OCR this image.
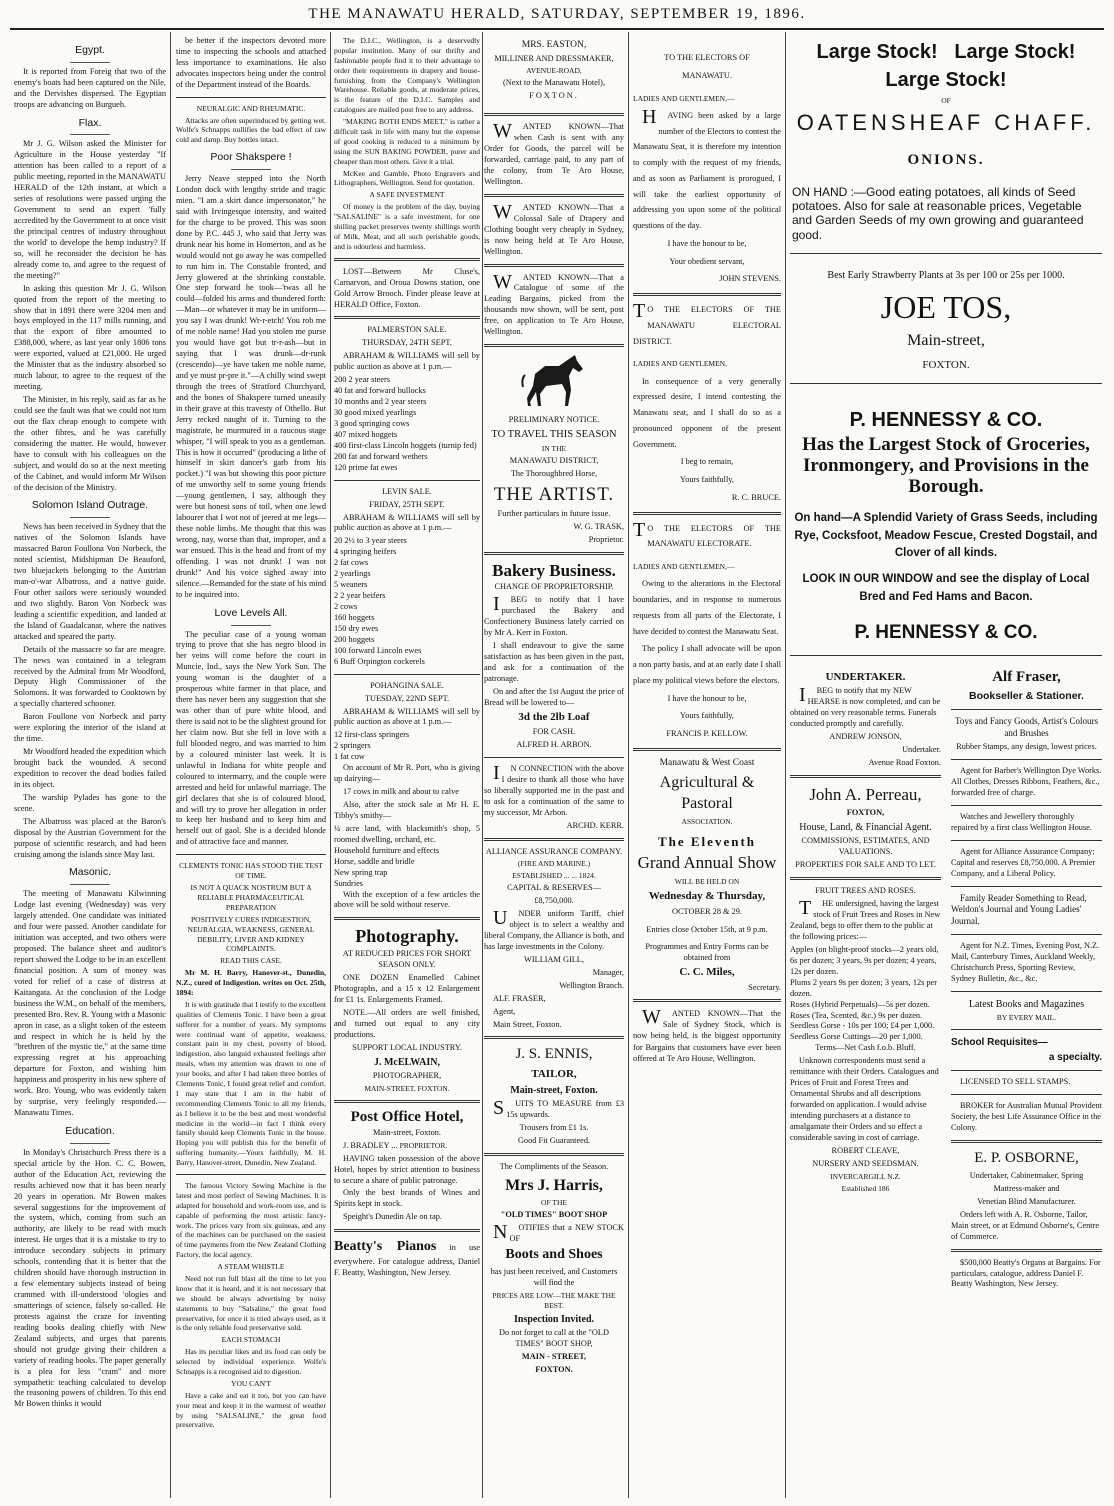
THE MANAWATU HERALD, SATURDAY, SEPTEMBER 19, 1896.
Egypt.

It is reported from Foreig that two of the enemy's boats had been captured on the Nile, and the Dervishes dispersed. The Egyptian troops are advancing on Burgueh.

Flax.

Mr J. G. Wilson asked the Minister for Agriculture in the House yesterday "If attention has been called to a report of a public meeting, reported in the MANAWATU HERALD of the 12th instant, at which a series of resolutions were passed urging the Government to send an expert 'fully accredited by the Government to at once visit the principal centres of industry throughout the world' to develope the hemp industry? If so, will he reconsider the decision he has already come to, and agree to the request of the meeting?"

In asking this question Mr J. G. Wilson quoted from the report of the meeting to show that in 1891 there were 3204 men and boys employed in the 117 mills running, and that the export of fibre amounted to £388,000, where, as last year only 1806 tons were exported, valued at £21,000. He urged the Minister that as the industry absorbed so much labour, to agree to the request of the meeting.

The Minister, in his reply, said as far as he could see the fault was that we could not turn out the flax cheap enough to compete with the other fibres, and he was carefully considering the matter. He would, however have to consult with his colleagues on the subject, and would do so at the next meeting of the Cabinet, and would inform Mr Wilson of the decision of the Ministry.

Solomon Island Outrage.

News has been received in Sydney that the natives of the Solomon Islands have massacred Baron Foullona Von Norbeck, the noted scientist, Midshipman De Beauford, two bluejackets belonging to the Austrian man-o'-war Albatross, and a native guide. Four other sailors were seriously wounded and two slightly. Baron Von Norbeck was leading a scientific expedition, and landed at the Island of Guadalcanar, where the natives attacked and speared the party.

Details of the massacre so far are meagre. The news was contained in a telegram received by the Admiral from Mr Woodford, Deputy High Commissioner of the Solomons. It was forwarded to Cooktown by a specially chartered schooner.

Baron Foullone von Norbeck and party were exploring the interior of the island at the time.

Mr Woodford headed the expedition which brought back the wounded. A second expedition to recover the dead bodies failed in its object.

The warship Pylades has gone to the scene.

The Albatross was placed at the Baron's disposal by the Austrian Government for the purpose of scientific research, and had been cruising among the islands since May last.

Masonic.

The meeting of Manawatu Kilwinning Lodge last evening (Wednesday) was very largely attended. One candidate was initiated and four were passed. Another candidate for initiation was accepted, and two others were proposed. The balance sheet and auditor's report showed the Lodge to be in an excellent financial position. A sum of money was voted for relief of a case of distress at Kaitangata. At the conclusion of the Lodge business the W.M., on behalf of the members, presented Bro. Rev. R. Young with a Masonic apron in case, as a slight token of the esteem and respect in which he is held by the "brethren of the mystic tie," at the same time expressing regret at his approaching departure for Foxton, and wishing him happiness and prosperity in his new sphere of work. Bro. Young, who was evidently taken by surprise, very feelingly responded.—Manawatu Times.

Education.

In Monday's Christchurch Press there is a special article by the Hon. C. C. Bowen, author of the Education Act, reviewing the results achieved now that it has been nearly 20 years in operation. Mr Bowen makes several suggestions for the improvement of the system, which, coming from such an authority, are likely to be read with much interest. He urges that it is a mistake to try to introduce secondary subjects in primary schools, contending that it is better that the children should have thorough instruction in a few elementary subjects instead of being crammed with ill-understood 'ologies and smatterings of science, falsely so-called. He protests against the craze for inventing reading books dealing chiefly with New Zealand subjects, and urges that parents should not grudge giving their children a variety of reading books. The paper generally is a plea for less "cram" and more sympathetic teaching calculated to develop the reasoning powers of children. To this end Mr Bowen thinks it would

be better if the inspectors devoted more time to inspecting the schools and attached less importance to examinations. He also advocates inspectors being under the control of the Department instead of the Boards.

NEURALGIC AND RHEUMATIC.

Attacks are often superinduced by getting wet. Wolfe's Schnapps nullifies the bad effect of raw cold and damp. Buy bottles intact.

Poor Shakspere !

Jerry Neave stepped into the North London dock with lengthy stride and tragic mien. "I am a skirt dance impersonator," he said with Irvingesque intensity, and waited for the charge to be proved. This was soon done by P.C. 445 J, who said that Jerry was drunk near his home in Homerton, and as he would would not go away he was compelled to run him in. The Constable fronted, and Jerry glowered at the shrinking constable. One step forward he took—'twas all he could—folded his arms and thundered forth:—Man—or whatever it may be in uniform—you say I was drunk! Wr-r-etch! You rob me of me noble name! Had you stolen me purse you would have got but tr-r-ash—but in saying that I was drunk—dr-runk (crescendo)—ye have taken me noble name, and ye must pr-pre it."—A chilly wind swept through the trees of Stratford Churchyard, and the bones of Shakspere turned uneasily in their grave at this travesty of Othello. But Jerry recked naught of it. Turning to the magistrate, he murmured in a raucous stage whisper, "I will speak to you as a gentleman. This is how it occurred" (producing a lithe of himself in skirt dancer's garb from his pocket.) "I was but showing this poor picture of me unworthy self to some young friends—young gentlemen, I say, although they were but honest sons of toil, when one lewd labourer that I wot not of jeered at me legs—these noble limbs. Me thought that this was wrong, nay, worse than that, improper, and a war ensued. This is the head and front of my offending. I was not drunk! I was not drunk!" And his voice sighed away into silence.—Remanded for the state of his mind to be inquired into.

Love Levels All.

The peculiar case of a young woman trying to prove that she has negro blood in her veins will come before the court in Muncie, Ind., says the New York Sun. The young woman is the daughter of a prosperous white farmer in that place, and there has never been any suggestion that she was other than of pure white blood, and there is said not to be the slightest ground for her claim now. But she fell in love with a full blooded negro, and was married to him by a coloured minister last week. It is unlawful in Indiana for white people and coloured to intermarry, and the couple were arrested and held for unlawful marriage. The girl declares that she is of coloured blood, and will try to prove her allegation in order to keep her husband and to keep him and herself out of gaol. She is a decided blonde and of attractive face and manner.

CLEMENTS TONIC HAS STOOD THE TEST OF TIME.

IS NOT A QUACK NOSTRUM BUT A RELIABLE PHARMACEUTICAL PREPARATION

POSITIVELY CURES INDIGESTION, NEURALGIA, WEAKNESS, GENERAL DEBILITY, LIVER AND KIDNEY COMPLAINTS.

READ THIS CASE.

Mr M. H. Barry, Hanover-st., Dunedin, N.Z., cured of Indigestion. writes on Oct. 25th, 1894:

It is with gratitude that I testify to the excellent qualities of Clements Tonic. I have been a great sufferer for a number of years. My symptoms were continual want of appetite, weakness, constant pain in my chest, poverty of blood, indigestion, also languid exhausted feelings after meals, when my attention was drawn to one of your books, and after I had taken three bottles of Clements Tonic, I found great relief and comfort. I may state that I am in the habit of recommending Clements Tonic to all my friends, as I believe it to be the best and most wonderful medicine in the world—in fact I think every family should keep Clements Tonic in the house. Hoping you will publish this for the benefit of suffering humanity.—Yours faithfully, M. H. Barry, Hanover-street, Dunedin, New Zealand.

The famous Victory Sewing Machine is the latest and most perfect of Sewing Machines. It is adapted for household and work-room use, and is capable of performing the most artistic fancy-work. The prices vary from six guineas, and any of the machines can be purchased on the easiest of time payments from the New Zealand Clothing Factory, the local agency.

A STEAM WHISTLE

Need not run full blast all the time to let you know that it is heard, and it is not necessary that we should be always advertising by noisy statements to buy "Salsaline," the great food preservative, for once it is tried always used, as it is the only reliable food preservative sold.

EACH STOMACH

Has its peculiar likes and its food can only be selected by individual experience. Wolfe's Schnapps is a recognised aid to digestion.

YOU CAN'T

Have a cake and eat it too, but you can have your meat and keep it in the warmest of weather by using "SALSALINE," the great food preservative.

The D.I.C., Wellington, is a deservedly popular institution. Many of our thrifty and fashionable people find it to their advantage to order their requirements in drapery and house-furnishing from the Company's Wellington Warehouse. Reliable goods, at moderate prices, is the feature of the D.I.C. Samples and catalogues are mailed post free to any address.

"MAKING BOTH ENDS MEET," is rather a difficult task in life with many but the expense of good cooking is reduced to a minimum by using the SUN BAKING POWDER, purer and cheaper than most others. Give it a trial.

McKee and Gamble, Photo Engravers and Lithographers, Wellington. Send for quotation.

A SAFE INVESTMENT

Of money is the problem of the day, buying "SALSALINE" is a safe investment, for one shilling packet preserves twenty shillings worth of Milk, Meat, and all such perishable goods, and is odourless and harmless.

LOST—Between Mr Cluse's, Carnarvon, and Oroua Downs station, one Gold Arrow Brooch. Finder please leave at HERALD Office, Foxton.

PALMERSTON SALE.

THURSDAY, 24TH SEPT.

ABRAHAM & WILLIAMS will sell by public auction as above at 1 p.m.—

200 2 year steers
40 fat and forward bullocks
10 months and 2 year steers
30 good mixed yearlings
3 good springing cows
407 mixed hoggets
400 first-class Lincoln hoggets (turnip fed)
200 fat and forward wethers
120 prime fat ewes

LEVIN SALE.

FRIDAY, 25TH SEPT.

ABRAHAM & WILLIAMS will sell by public auction as above at 1 p.m.—

20 2½ to 3 year steers
4 springing heifers
2 fat cows
2 yearlings
5 weaners
2 2 year heifers
2 cows
160 hoggets
150 dry ewes
200 hoggets
100 forward Lincoln ewes
6 Buff Orpington cockerels

POHANGINA SALE.

TUESDAY, 22ND SEPT.

ABRAHAM & WILLIAMS will sell by public auction as above at 1 p.m.—

12 first-class springers
2 springers
1 fat cow

On account of Mr R. Port, who is giving up dairying—

17 cows in milk and about to calve

Also, after the stock sale at Mr H. E. Tibby's smithy—

¼ acre land, with blacksmith's shop, 5 roomed dwelling, orchard, etc.
Household furniture and effects
Horse, saddle and bridle
New spring trap
Sundries

With the exception of a few articles the above will be sold without reserve.

Photography.

AT REDUCED PRICES FOR SHORT SEASON ONLY.

ONE DOZEN Enamelled Cabinet Photographs, and a 15 x 12 Enlargement for £1 1s. Enlargements Framed.

NOTE.—All orders are well finished, and turned out equal to any city productions.

SUPPORT LOCAL INDUSTRY.

J. McELWAIN,

PHOTOGRAPHER,

MAIN-STREET, FOXTON.

Post Office Hotel,

Main-street, Foxton.

J. BRADLEY ... PROPRIETOR.

HAVING taken possession of the above Hotel, hopes by strict attention to business to secure a share of public patronage.

Only the best brands of Wines and Spirits kept in stock.

Speight's Dunedin Ale on tap.

Beatty's Pianos in use everywhere. For catalogue address, Daniel F. Beatty, Washington, New Jersey.

MRS. EASTON,

MILLINER AND DRESSMAKER,

AVENUE-ROAD,

(Next to the Manawatu Hotel),

FOXTON.

WANTED KNOWN—That when Cash is sent with any Order for Goods, the parcel will be forwarded, carriage paid, to any part of the colony, from Te Aro House, Wellington.

WANTED KNOWN—That a Colossal Sale of Drapery and Clothing bought very cheaply in Sydney, is now being held at Te Aro House, Wellington.

WANTED KNOWN—That a Catalogue of some of the Leading Bargains, picked from the thousands now shown, will be sent, post free, on application to Te Aro House, Wellington.

PRELIMINARY NOTICE.

TO TRAVEL THIS SEASON

IN THE

MANAWATU DISTRICT,

The Thoroughbred Horse,

THE ARTIST.

Further particulars in future issue.

W. G. TRASK,

Proprietor.

Bakery Business.

CHANGE OF PROPRIETORSHIP.

IBEG to notify that I have purchased the Bakery and Confectionery Business lately carried on by Mr A. Kerr in Foxton.

I shall endeavour to give the same satisfaction as has been given in the past, and ask for a continuation of the patronage.

On and after the 1st August the price of Bread will be lowered to—

3d the 2lb Loaf

FOR CASH.

ALFRED H. ARBON.

IN CONNECTION with the above I desire to thank all those who have so liberally supported me in the past and to ask for a continuation of the same to my successor, Mr Arbon.

ARCHD. KERR.

ALLIANCE ASSURANCE COMPANY.

(FIRE AND MARINE.)

ESTABLISHED ... ... 1824.

CAPITAL & RESERVES—

£8,750,000.

UNDER uniform Tariff, chief object is to select a wealthy and liberal Company, the Alliance is both, and has large investments in the Colony.

WILLIAM GILL,

Manager,

Wellington Branch.

ALF. FRASER,

Agent,

Main Street, Foxton.

J. S. ENNIS,

TAILOR,

Main-street, Foxton.

SUITS TO MEASURE from £3 15s upwards.

Trousers from £1 1s.

Good Fit Guaranteed.

The Compliments of the Season.

Mrs J. Harris,

OF THE

"OLD TIMES" BOOT SHOP

NOTIFIES that a NEW STOCK OF

Boots and Shoes

has just been received, and Customers will find the

PRICES ARE LOW—THE MAKE THE BEST.

Inspection Invited.

Do not forget to call at the "OLD TIMES" BOOT SHOP,

MAIN - STREET,

FOXTON.

TO THE ELECTORS OF

MANAWATU.

LADIES AND GENTLEMEN,—

HAVING been asked by a large number of the Electors to contest the Manawatu Seat, it is therefore my intention to comply with the request of my friends, and as soon as Parliament is prorogued, I will take the earliest opportunity of addressing you upon some of the political questions of the day.

I have the honour to be,

Your obedient servant,

JOHN STEVENS.

TO THE ELECTORS OF THE MANAWATU ELECTORAL DISTRICT.

LADIES AND GENTLEMEN,

In consequence of a very generally expressed desire, I intend contesting the Manawatu seat, and I shall do so as a pronounced opponent of the present Government.

I beg to remain,

Yours faithfully,

R. C. BRUCE.

TO THE ELECTORS OF THE MANAWATU ELECTORATE.

LADIES AND GENTLEMEN,—

Owing to the alterations in the Electoral boundaries, and in response to numerous requests from all parts of the Electorate, I have decided to contest the Manawatu Seat.

The policy I shall advocate will be upon a non party basis, and at an early date I shall place my political views before the electors.

I have the honour to be,

Yours faithfully,

FRANCIS P. KELLOW.

Manawatu & West Coast

Agricultural & Pastoral

ASSOCIATION.

The Eleventh

Grand Annual Show

WILL BE HELD ON

Wednesday & Thursday,

OCTOBER 28 & 29.

Entries close October 15th, at 9 p.m.

Programmes and Entry Forms can be obtained from

C. C. Miles,

Secretary.

WANTED KNOWN—That the Sale of Sydney Stock, which is now being held, is the biggest opportunity for Bargains that customers have ever been offered at Te Aro House, Wellington.

Large Stock! Large Stock!

Large Stock!

OF

OATENSHEAF CHAFF.

ONIONS.

ON HAND :—Good eating potatoes, all kinds of Seed potatoes. Also for sale at reasonable prices, Vegetable and Garden Seeds of my own growing and guaranteed good.

Best Early Strawberry Plants at 3s per 100 or 25s per 1000.

JOE TOS,

Main-street,

FOXTON.

P. HENNESSY & CO.

Has the Largest Stock of Groceries, Ironmongery, and Provisions in the Borough.

On hand—A Splendid Variety of Grass Seeds, including Rye, Cocksfoot, Meadow Fescue, Crested Dogstail, and Clover of all kinds.

LOOK IN OUR WINDOW and see the display of Local Bred and Fed Hams and Bacon.

P. HENNESSY & CO.

UNDERTAKER.

IBEG to notify that my NEW HEARSE is now completed, and can be obtained on very reasonable terms. Funerals conducted promptly and carefully.

ANDREW JONSON,

Undertaker.

Avenue Road Foxton.

John A. Perreau,

FOXTON,

House, Land, & Financial Agent.

COMMISSIONS, ESTIMATES, AND VALUATIONS.

PROPERTIES FOR SALE AND TO LET.

FRUIT TREES AND ROSES.

THE undersigned, having the largest stock of Fruit Trees and Roses in New Zealand, begs to offer them to the public at the following prices:—

Apples (on blight-proof stocks—2 years old, 6s per dozen; 3 years, 9s per dozen; 4 years, 12s per dozen.
Plums 2 years 9s per dozen; 3 years, 12s per dozen.
Roses (Hybrid Perpetuals)—5s per dozen.
Roses (Tea, Scented, &c.) 9s per dozen.
Seedless Gorse - 10s per 100; £4 per 1,000.
Seedless Gorse Cuttings—20 per 1,000.

Terms—Net Cash f.o.b. Bluff.

Unknown correspondents must send a remittance with their Orders. Catalogues and Prices of Fruit and Forest Trees and Ornamental Shrubs and all descriptions forwarded on application. I would advise intending purchasers at a distance to amalgamate their Orders and so effect a considerable saving in cost of carriage.

ROBERT CLEAVE,

NURSERY AND SEEDSMAN.

INVERCARGILL N.Z.

Established 186

Alf Fraser,

Bookseller & Stationer.

Toys and Fancy Goods, Artist's Colours and Brushes

Rubber Stamps, any design, lowest prices.

Agent for Barber's Wellington Dye Works. All Clothes, Dresses Ribbons, Feathers, &c., forwarded free of charge.

Watches and Jewellery thoroughly repaired by a first class Wellington House.

Agent for Alliance Assurance Company; Capital and reserves £8,750,000. A Premier Company, and a Liberal Policy.

Family Reader Something to Read, Weldon's Journal and Young Ladies' Journal.

Agent for N.Z. Times, Evening Post, N.Z. Mail, Canterbury Times, Auckland Weekly, Christchurch Press, Sporting Review, Sydney Bulletin, &c., &c.

Latest Books and Magazines

BY EVERY MAIL.

School Requisites—

a specialty.

LICENSED TO SELL STAMPS.

BROKER for Australian Mutual Provident Society, the best Life Assurance Office in the Colony.

E. P. OSBORNE,

Undertaker, Cabinetmaker, Spring

Mattress-maker and

Venetian Blind Manufacturer.

Orders left with A. R. Osborne, Tailor, Main street, or at Edmund Osborne's, Centre of Commerce.

$500,000 Beatty's Organs at Bargains. For particulars, catalogue, address Daniel F. Beatty Washington, New Jersey.
